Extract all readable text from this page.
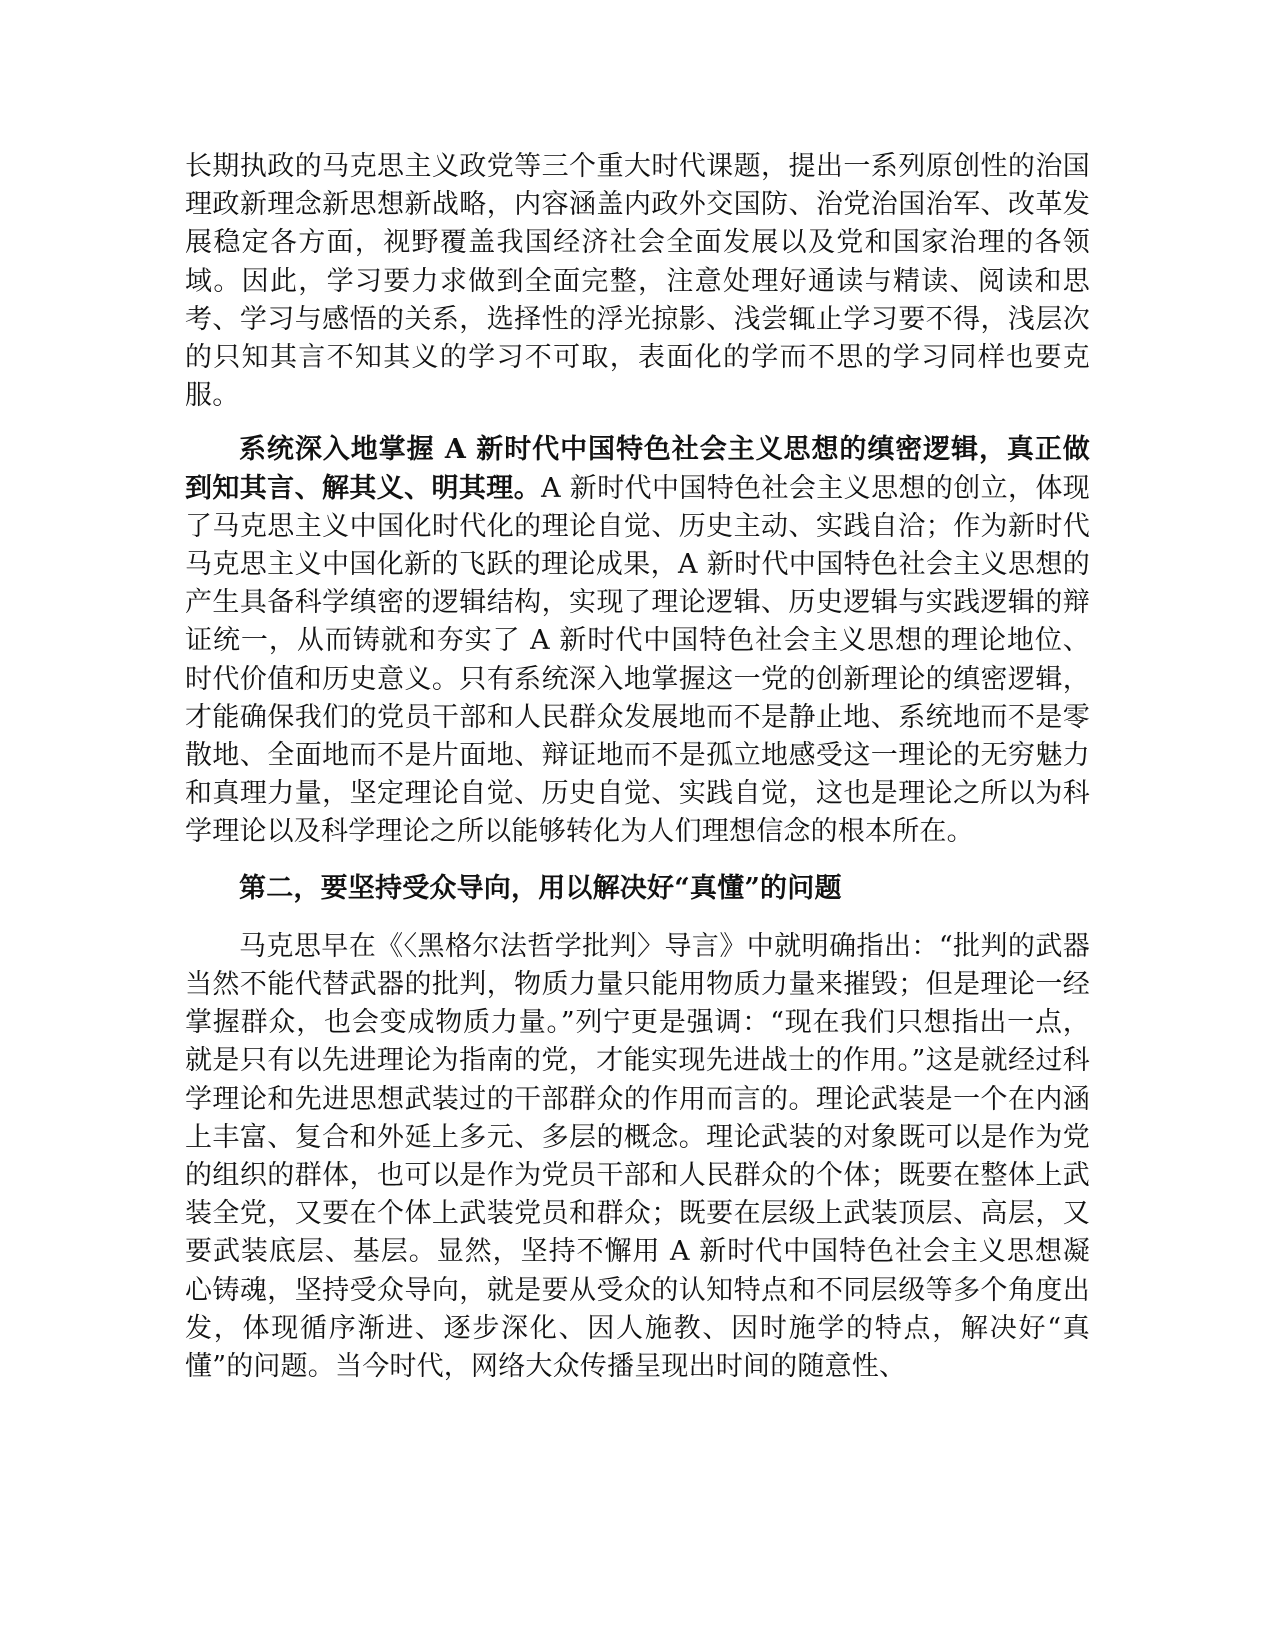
长期执政的马克思主义政党等三个重大时代课题，提出一系列原创性的治国理政新理念新思想新战略，内容涵盖内政外交国防、治党治国治军、改革发展稳定各方面，视野覆盖我国经济社会全面发展以及党和国家治理的各领域。因此，学习要力求做到全面完整，注意处理好通读与精读、阅读和思考、学习与感悟的关系，选择性的浮光掠影、浅尝辄止学习要不得，浅层次的只知其言不知其义的学习不可取，表面化的学而不思的学习同样也要克服。

系统深入地掌握 A 新时代中国特色社会主义思想的缜密逻辑，真正做到知其言、解其义、明其理。A 新时代中国特色社会主义思想的创立，体现了马克思主义中国化时代化的理论自觉、历史主动、实践自洽；作为新时代马克思主义中国化新的飞跃的理论成果，A 新时代中国特色社会主义思想的产生具备科学缜密的逻辑结构，实现了理论逻辑、历史逻辑与实践逻辑的辩证统一，从而铸就和夯实了 A 新时代中国特色社会主义思想的理论地位、时代价值和历史意义。只有系统深入地掌握这一党的创新理论的缜密逻辑，才能确保我们的党员干部和人民群众发展地而不是静止地、系统地而不是零散地、全面地而不是片面地、辩证地而不是孤立地感受这一理论的无穷魅力和真理力量，坚定理论自觉、历史自觉、实践自觉，这也是理论之所以为科学理论以及科学理论之所以能够转化为人们理想信念的根本所在。

第二，要坚持受众导向，用以解决好“真懂”的问题

马克思早在《〈黑格尔法哲学批判〉导言》中就明确指出：“批判的武器当然不能代替武器的批判，物质力量只能用物质力量来摧毁；但是理论一经掌握群众，也会变成物质力量。”列宁更是强调：“现在我们只想指出一点，就是只有以先进理论为指南的党，才能实现先进战士的作用。”这是就经过科学理论和先进思想武装过的干部群众的作用而言的。理论武装是一个在内涵上丰富、复合和外延上多元、多层的概念。理论武装的对象既可以是作为党的组织的群体，也可以是作为党员干部和人民群众的个体；既要在整体上武装全党，又要在个体上武装党员和群众；既要在层级上武装顶层、高层，又要武装底层、基层。显然，坚持不懈用 A 新时代中国特色社会主义思想凝心铸魂，坚持受众导向，就是要从受众的认知特点和不同层级等多个角度出发，体现循序渐进、逐步深化、因人施教、因时施学的特点，解决好“真懂”的问题。当今时代，网络大众传播呈现出时间的随意性、
